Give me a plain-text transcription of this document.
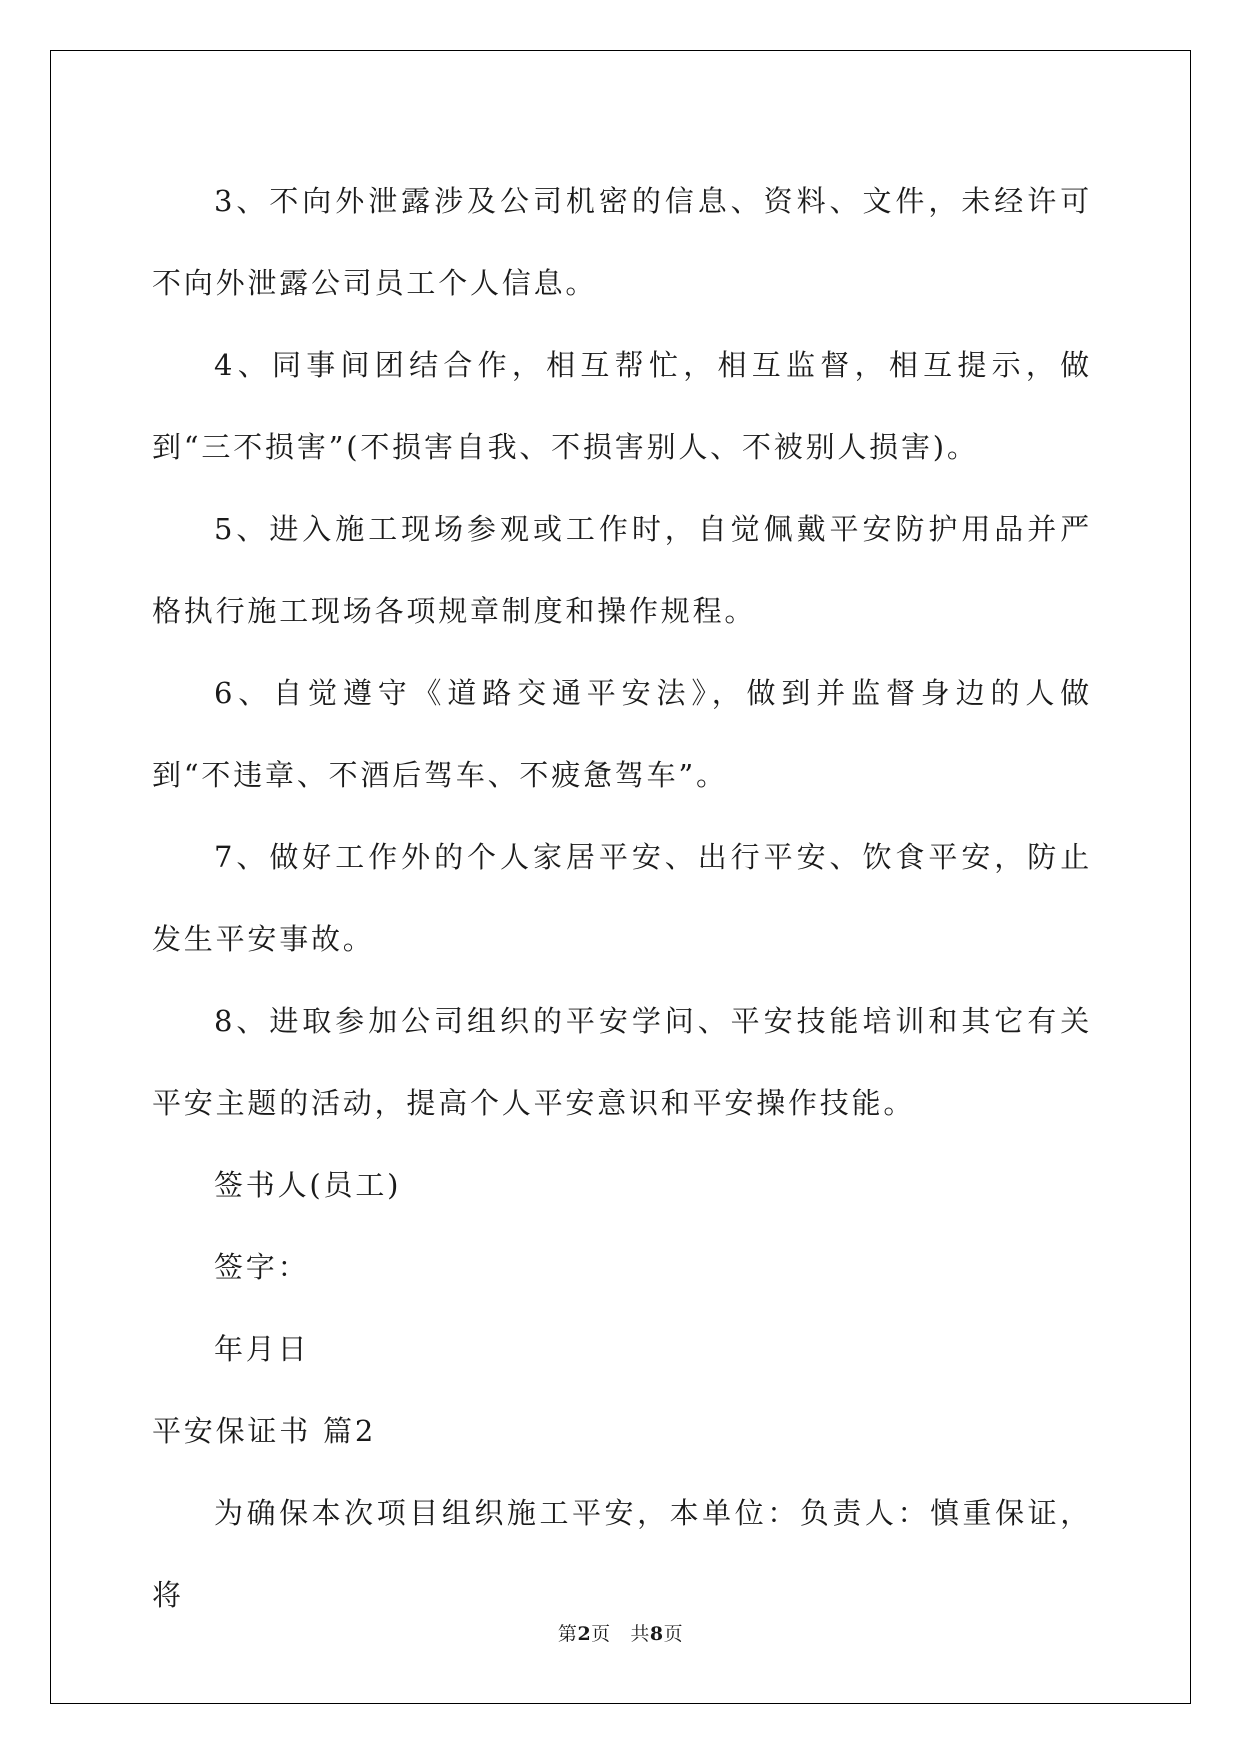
3、不向外泄露涉及公司机密的信息、资料、文件，未经许可不向外泄露公司员工个人信息。

4、同事间团结合作，相互帮忙，相互监督，相互提示，做到“三不损害”(不损害自我、不损害别人、不被别人损害)。

5、进入施工现场参观或工作时，自觉佩戴平安防护用品并严格执行施工现场各项规章制度和操作规程。

6、自觉遵守《道路交通平安法》，做到并监督身边的人做到“不违章、不酒后驾车、不疲惫驾车”。

7、做好工作外的个人家居平安、出行平安、饮食平安，防止发生平安事故。

8、进取参加公司组织的平安学问、平安技能培训和其它有关平安主题的活动，提高个人平安意识和平安操作技能。

签书人(员工)

签字：

年月日

平安保证书 篇2

为确保本次项目组织施工平安，本单位：负责人：慎重保证，将

第2页 共8页
